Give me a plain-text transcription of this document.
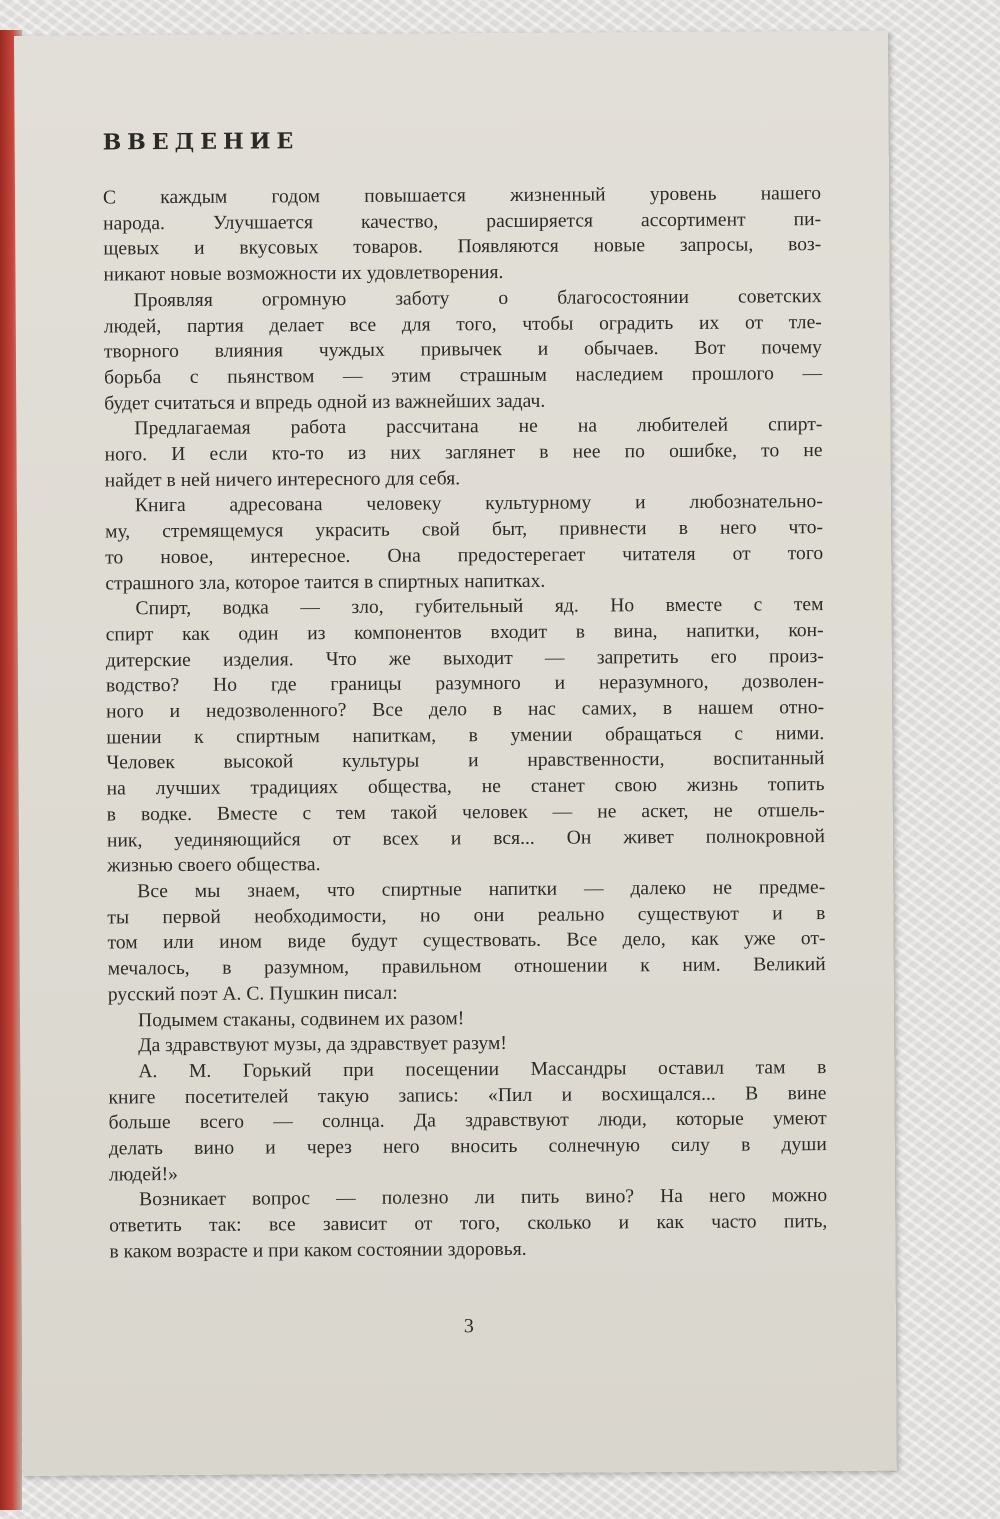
ВВЕДЕНИЕ
С каждым годом повышается жизненный уровень нашего
народа. Улучшается качество, расширяется ассортимент пи-
щевых и вкусовых товаров. Появляются новые запросы, воз-
никают новые возможности их удовлетворения.
Проявляя огромную заботу о благосостоянии советских
людей, партия делает все для того, чтобы оградить их от тле-
творного влияния чуждых привычек и обычаев. Вот почему
борьба с пьянством — этим страшным наследием прошлого —
будет считаться и впредь одной из важнейших задач.
Предлагаемая работа рассчитана не на любителей спирт-
ного. И если кто-то из них заглянет в нее по ошибке, то не
найдет в ней ничего интересного для себя.
Книга адресована человеку культурному и любознательно-
му, стремящемуся украсить свой быт, привнести в него что-
то новое, интересное. Она предостерегает читателя от того
страшного зла, которое таится в спиртных напитках.
Спирт, водка — зло, губительный яд. Но вместе с тем
спирт как один из компонентов входит в вина, напитки, кон-
дитерские изделия. Что же выходит — запретить его произ-
водство? Но где границы разумного и неразумного, дозволен-
ного и недозволенного? Все дело в нас самих, в нашем отно-
шении к спиртным напиткам, в умении обращаться с ними.
Человек высокой культуры и нравственности, воспитанный
на лучших традициях общества, не станет свою жизнь топить
в водке. Вместе с тем такой человек — не аскет, не отшель-
ник, уединяющийся от всех и вся... Он живет полнокровной
жизнью своего общества.
Все мы знаем, что спиртные напитки — далеко не предме-
ты первой необходимости, но они реально существуют и в
том или ином виде будут существовать. Все дело, как уже от-
мечалось, в разумном, правильном отношении к ним. Великий
русский поэт А. С. Пушкин писал:
Подымем стаканы, содвинем их разом!
Да здравствуют музы, да здравствует разум!
А. М. Горький при посещении Массандры оставил там в
книге посетителей такую запись: «Пил и восхищался... В вине
больше всего — солнца. Да здравствуют люди, которые умеют
делать вино и через него вносить солнечную силу в души
людей!»
Возникает вопрос — полезно ли пить вино? На него можно
ответить так: все зависит от того, сколько и как часто пить,
в каком возрасте и при каком состоянии здоровья.
3
